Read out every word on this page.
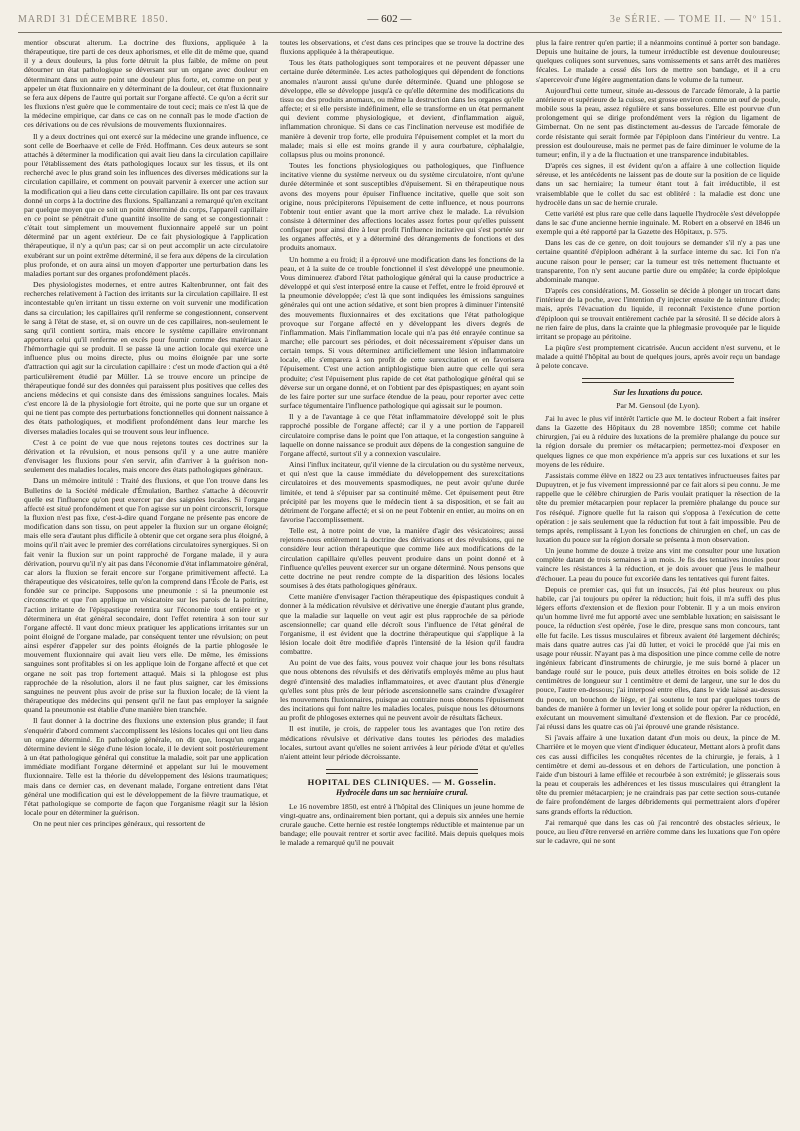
MARDI 31 DÉCEMBRE 1850.	— 602 —	3e SÉRIE. — TOME II. — Nº 151.

mentior obscurat alterum. La doctrine des fluxions, appliquée à la thérapeutique, tire parti de ces deux aphorismes, et elle dit de même que, quand il y a deux douleurs, la plus forte détruit la plus faible, de même on peut détourner un état pathologique se déversant sur un organe avec douleur en déterminant dans un autre point une douleur plus forte, et, comme on peut y appeler un état fluxionnaire en y déterminant de la douleur, cet état fluxionnaire se fera aux dépens de l'autre qui portait sur l'organe affecté. Ce qu'on a écrit sur les fluxions n'est guère que le commentaire de tout ceci; mais ce n'est là que de la médecine empirique, car dans ce cas on ne connaît pas le mode d'action de ces dérivations ou de ces révulsions de mouvements fluxionnaires.

Il y a deux doctrines qui ont exercé sur la médecine une grande influence, ce sont celle de Boerhaave et celle de Fréd. Hoffmann. Ces deux auteurs se sont attachés à déterminer la modification qui avait lieu dans la circulation capillaire pour l'établissement des états pathologiques locaux sur les tissus, et ils ont recherché avec le plus grand soin les influences des diverses médications sur la circulation capillaire, et comment on pouvait parvenir à exercer une action sur la modification qui a lieu dans cette circulation capillaire. Ils ont par ces travaux donné un corps à la doctrine des fluxions. Spallanzani a remarqué qu'en excitant par quelque moyen que ce soit un point déterminé du corps, l'appareil capillaire en ce point se pénétrait d'une quantité insolite de sang et se congestionnait : c'était tout simplement un mouvement fluxionnaire appelé sur un point déterminé par un agent extérieur. De ce fait physiologique à l'application thérapeutique, il n'y a qu'un pas; car si on peut accomplir un acte circulatoire exubérant sur un point extrême déterminé, il se fera aux dépens de la circulation plus profonde, et on aura ainsi un moyen d'apporter une perturbation dans les maladies portant sur des organes profondément placés.

Des physiologistes modernes, et entre autres Kaltenbrunner, ont fait des recherches relativement à l'action des irritants sur la circulation capillaire. Il est incontestable qu'en irritant un tissu externe on voit survenir une modification dans sa circulation; les capillaires qu'il renferme se congestionnent, conservent le sang à l'état de stase, et, si on ouvre un de ces capillaires, non-seulement le sang qu'il contient sortira, mais encore le système capillaire environnant apportera celui qu'il renferme en excès pour fournir comme des matériaux à l'hémorrhagie qui se produit. Il se passe là une action locale qui exerce une influence plus ou moins directe, plus ou moins éloignée par une sorte d'attraction qui agit sur la circulation capillaire : c'est un mode d'action qui a été particulièrement étudié par Müller. Là se trouve encore un principe de thérapeutique fondé sur des données qui paraissent plus positives que celles des anciens médecins et qui consiste dans des émissions sanguines locales. Mais c'est encore là de la physiologie fort étroite, qui ne porte que sur un organe et qui ne tient pas compte des perturbations fonctionnelles qui donnent naissance à des états pathologiques, et modifient profondément dans leur marche les diverses maladies locales qui se trouvent sous leur influence.

C'est à ce point de vue que nous rejetons toutes ces doctrines sur la dérivation et la révulsion, et nous pensons qu'il y a une autre manière d'envisager les fluxions pour s'en servir, afin d'arriver à la guérison non-seulement des maladies locales, mais encore des états pathologiques généraux.

Dans un mémoire intitulé : Traité des fluxions, et que l'on trouve dans les Bulletins de la Société médicale d'Émulation, Barthez s'attache à découvrir quelle est l'influence qu'on peut exercer par des saignées locales. Si l'organe affecté est situé profondément et que l'on agisse sur un point circonscrit, lorsque la fluxion n'est pas fixe, c'est-à-dire quand l'organe ne présente pas encore de modification dans son tissu, on peut appeler la fluxion sur un organe éloigné; mais elle sera d'autant plus difficile à obtenir que cet organe sera plus éloigné, à moins qu'il n'ait avec le premier des corrélations circulatoires synergiques. Si on fait venir la fluxion sur un point rapproché de l'organe malade, il y aura dérivation, pourvu qu'il n'y ait pas dans l'économie d'état inflammatoire général, car alors la fluxion se ferait encore sur l'organe primitivement affecté. La thérapeutique des vésicatoires, telle qu'on la comprend dans l'École de Paris, est fondée sur ce principe. Supposons une pneumonie : si la pneumonie est circonscrite et que l'on applique un vésicatoire sur les parois de la poitrine, l'action irritante de l'épispastique retentira sur l'économie tout entière et y déterminera un état général secondaire, dont l'effet retentira à son tour sur l'organe affecté. Il vaut donc mieux pratiquer les applications irritantes sur un point éloigné de l'organe malade, par conséquent tenter une révulsion; on peut ainsi espérer d'appeler sur des points éloignés de la partie phlogosée le mouvement fluxionnaire qui avait lieu vers elle. De même, les émissions sanguines sont profitables si on les applique loin de l'organe affecté et que cet organe ne soit pas trop fortement attaqué. Mais si la phlogose est plus rapprochée de la résolution, alors il ne faut plus saigner, car les émissions sanguines ne peuvent plus avoir de prise sur la fluxion locale; de là vient la thérapeutique des médecins qui pensent qu'il ne faut pas employer la saignée quand la pneumonie est établie d'une manière bien tranchée.

Il faut donner à la doctrine des fluxions une extension plus grande; il faut s'enquérir d'abord comment s'accomplissent les lésions locales qui ont lieu dans un organe déterminé. En pathologie générale, on dit que, lorsqu'un organe détermine devient le siège d'une lésion locale, il le devient soit postérieurement à un état pathologique général qui constitue la maladie, soit par une application immédiate modifiant l'organe déterminé et appelant sur lui le mouvement fluxionnaire. Telle est la théorie du développement des lésions traumatiques; mais dans ce dernier cas, en devenant malade, l'organe entretient dans l'état général une modification qui est le développement de la fièvre traumatique, et l'état pathologique se comporte de façon que l'organisme réagit sur la lésion locale pour en déterminer la guérison.

On ne peut nier ces principes généraux, qui ressortent de

toutes les observations, et c'est dans ces principes que se trouve la doctrine des fluxions appliquée à la thérapeutique.

Tous les états pathologiques sont temporaires et ne peuvent dépasser une certaine durée déterminée. Les actes pathologiques qui dépendent de fonctions anomales n'auront aussi qu'une durée déterminée. Quand une phlogose se développe, elle se développe jusqu'à ce qu'elle détermine des modifications du tissu ou des produits anomaux, ou même la destruction dans les organes qu'elle affecte; et si elle persiste indéfiniment, elle se transforme en un état permanent qui devient comme physiologique, et devient, d'inflammation aiguë, inflammation chronique. Si dans ce cas l'inclination nerveuse est modifiée de manière à devenir trop forte, elle produira l'épuisement complet et la mort du malade; mais si elle est moins grande il y aura courbature, céphalalgie, collapsus plus ou moins prononcé.

Toutes les fonctions physiologiques ou pathologiques, que l'influence incitative vienne du système nerveux ou du système circulatoire, n'ont qu'une durée déterminée et sont susceptibles d'épuisement. Si en thérapeutique nous avons des moyens pour épuiser l'influence incitative, quelle que soit son origine, nous précipiterons l'épuisement de cette influence, et nous pourrons l'obtenir tout entier avant que la mort arrive chez le malade. La révulsion consiste à déterminer des affections locales assez fortes pour qu'elles puissent confisquer pour ainsi dire à leur profit l'influence incitative qui s'est portée sur les organes affectés, et y a déterminé des dérangements de fonctions et des produits anomaux.

Un homme a eu froid; il a éprouvé une modification dans les fonctions de la peau, et à la suite de ce trouble fonctionnel il s'est développé une pneumonie. Vous diminuerez d'abord l'état pathologique général qui la cause productrice a développé et qui s'est interposé entre la cause et l'effet, entre le froid éprouvé et la pneumonie développée; c'est là que sont indiquées les émissions sanguines générales qui ont une action sédative, et sont bien propres à diminuer l'intensité des mouvements fluxionnaires et des excitations que l'état pathologique provoque sur l'organe affecté en y développant les divers degrés de l'inflammation. Mais l'inflammation locale qui n'a pas été enrayée continue sa marche; elle parcourt ses périodes, et doit nécessairement s'épuiser dans un certain temps. Si vous déterminez artificiellement une lésion inflammatoire locale, elle s'emparera à son profit de cette surexcitation et en favorisera l'épuisement. C'est une action antiphlogistique bien autre que celle qui sera produite; c'est l'épuisement plus rapide de cet état pathologique général qui se déverse sur un organe donné, et on l'obtient par des épispastiques; en ayant soin de les faire porter sur une surface étendue de la peau, pour reporter avec cette surface tégumentaire l'influence pathologique qui agissait sur le poumon.

Il y a de l'avantage à ce que l'état inflammatoire développé soit le plus rapproché possible de l'organe affecté; car il y a une portion de l'appareil circulatoire comprise dans le point que l'on attaque, et la congestion sanguine à laquelle on donne naissance se produit aux dépens de la congestion sanguine de l'organe affecté, surtout s'il y a connexion vasculaire.

Ainsi l'influx incitateur, qu'il vienne de la circulation ou du système nerveux, et qui n'est que la cause immédiate du développement des surexcitations circulatoires et des mouvements spasmodiques, ne peut avoir qu'une durée limitée, et tend à s'épuiser par sa continuité même. Cet épuisement peut être précipité par les moyens que le médecin tient à sa disposition, et se fait au détriment de l'organe affecté; et si on ne peut l'obtenir en entier, au moins on en favorise l'accomplissement.

Telle est, à notre point de vue, la manière d'agir des vésicatoires; aussi rejetons-nous entièrement la doctrine des dérivations et des révulsions, qui ne considère leur action thérapeutique que comme liée aux modifications de la circulation capillaire qu'elles peuvent produire dans un point donné et à l'influence qu'elles peuvent exercer sur un organe déterminé. Nous pensons que cette doctrine ne peut rendre compte de la disparition des lésions locales soumises à des états pathologiques généraux.

Cette manière d'envisager l'action thérapeutique des épispastiques conduit à donner à la médication révulsive et dérivative une énergie d'autant plus grande, que la maladie sur laquelle on veut agir est plus rapprochée de sa période ascensionnelle; car quand elle décroît sous l'influence de l'état général de l'organisme, il est évident que la doctrine thérapeutique qui s'applique à la lésion locale doit être modifiée d'après l'intensité de la lésion qu'il faudra combattre.

Au point de vue des faits, vous pouvez voir chaque jour les bons résultats que nous obtenons des révulsifs et des dérivatifs employés même au plus haut degré d'intensité des maladies inflammatoires, et avec d'autant plus d'énergie qu'elles sont plus près de leur période ascensionnelle sans craindre d'exagérer les mouvements fluxionnaires, puisque au contraire nous obtenons l'épuisement des incitations qui font naître les maladies locales, puisque nous les détournons au profit de phlogoses externes qui ne peuvent avoir de résultats fâcheux.

Il est inutile, je crois, de rappeler tous les avantages que l'on retire des médications révulsive et dérivative dans toutes les périodes des maladies locales, surtout avant qu'elles ne soient arrivées à leur période d'état et qu'elles n'aient atteint leur période décroissante.

HOPITAL DES CLINIQUES. — M. Gosselin.
Hydrocèle dans un sac herniaire crural.

Le 16 novembre 1850, est entré à l'hôpital des Cliniques un jeune homme de vingt-quatre ans, ordinairement bien portant, qui a depuis six années une hernie crurale gauche. Cette hernie est restée longtemps réductible et maintenue par un bandage; elle pouvait rentrer et sortir avec facilité. Mais depuis quelques mois le malade a remarqué qu'il ne pouvait

plus la faire rentrer qu'en partie; il a néanmoins continué à porter son bandage. Depuis une huitaine de jours, la tumeur irréductible est devenue douloureuse; quelques coliques sont survenues, sans vomissements et sans arrêt des matières fécales. Le malade a cessé dès lors de mettre son bandage, et il a cru s'apercevoir d'une légère augmentation dans le volume de la tumeur.

Aujourd'hui cette tumeur, située au-dessous de l'arcade fémorale, à la partie antérieure et supérieure de la cuisse, est grosse environ comme un œuf de poule, mobile sous la peau, assez régulière et sans bosselures. Elle est pourvue d'un prolongement qui se dirige profondément vers la région du ligament de Gimbernat. On ne sent pas distinctement au-dessus de l'arcade fémorale de corde résistante qui serait formée par l'épiploon dans l'intérieur du ventre. La pression est douloureuse, mais ne permet pas de faire diminuer le volume de la tumeur; enfin, il y a de la fluctuation et une transparence indubitables.

D'après ces signes, il est évident qu'on a affaire à une collection liquide séreuse, et les antécédents ne laissent pas de doute sur la position de ce liquide dans un sac herniaire; la tumeur étant tout à fait irréductible, il est vraisemblable que le collet du sac est oblitéré : la maladie est donc une hydrocèle dans un sac de hernie crurale.

Cette variété est plus rare que celle dans laquelle l'hydrocèle s'est développée dans le sac d'une ancienne hernie inguinale. M. Robert en a observé en 1846 un exemple qui a été rapporté par la Gazette des Hôpitaux, p. 575.

Dans les cas de ce genre, on doit toujours se demander s'il n'y a pas une certaine quantité d'épiploon adhérant à la surface interne du sac. Ici l'on n'a aucune raison pour le penser; car la tumeur est très nettement fluctuante et transparente, l'on n'y sent aucune partie dure ou empâtée; la corde épiploïque abdominale manque.

D'après ces considérations, M. Gosselin se décide à plonger un trocart dans l'intérieur de la poche, avec l'intention d'y injecter ensuite de la teinture d'iode; mais, après l'évacuation du liquide, il reconnaît l'existence d'une portion d'épiploon qui se trouvait entièrement cachée par la sérosité. Il se décide alors à ne rien faire de plus, dans la crainte que la phlegmasie provoquée par le liquide irritant se propage au péritoine.

La piqûre s'est promptement cicatrisée. Aucun accident n'est survenu, et le malade a quitté l'hôpital au bout de quelques jours, après avoir reçu un bandage à pelote concave.

Sur les luxations du pouce.
Par M. Gensoul (de Lyon).

J'ai lu avec le plus vif intérêt l'article que M. le docteur Robert a fait insérer dans la Gazette des Hôpitaux du 28 novembre 1850; comme cet habile chirurgien, j'ai eu à réduire des luxations de la première phalange du pouce sur la région dorsale du premier os métacarpien; permettez-moi d'exposer en quelques lignes ce que mon expérience m'a appris sur ces luxations et sur les moyens de les réduire.

J'assistais comme élève en 1822 ou 23 aux tentatives infructueuses faites par Dupuytren, et je fus vivement impressionné par ce fait alors si peu connu. Je me rappelle que le célèbre chirurgien de Paris voulait pratiquer la résection de la tête du premier métacarpien pour replacer la première phalange du pouce sur l'os réséqué. J'ignore quelle fut la raison qui s'opposa à l'exécution de cette opération : je sais seulement que la réduction fut tout à fait impossible. Peu de temps après, remplissant à Lyon les fonctions de chirurgien en chef, un cas de luxation du pouce sur la région dorsale se présenta à mon observation.

Un jeune homme de douze à treize ans vint me consulter pour une luxation complète datant de trois semaines à un mois. Je fis des tentatives inouïes pour vaincre les résistances à la réduction, et je dois avouer que j'eus le malheur d'échouer. La peau du pouce fut excoriée dans les tentatives qui furent faites.

Depuis ce premier cas, qui fut un insuccès, j'ai été plus heureux ou plus habile, car j'ai toujours pu opérer la réduction; huit fois, il m'a suffi des plus légers efforts d'extension et de flexion pour l'obtenir. Il y a un mois environ qu'un homme livré me fut apporté avec une semblable luxation; en saisissant le pouce, la réduction s'est opérée, j'ose le dire, presque sans mon concours, tant elle fut facile. Les tissus musculaires et fibreux avaient été largement déchirés; mais dans quatre autres cas j'ai dû lutter, et voici le procédé que j'ai mis en usage pour réussir. N'ayant pas à ma disposition une pince comme celle de notre ingénieux fabricant d'instruments de chirurgie, je me suis borné à placer un bandage roulé sur le pouce, puis deux attelles étroites en bois solide de 12 centimètres de longueur sur 1 centimètre et demi de largeur, une sur le dos du pouce, l'autre en-dessous; j'ai interposé entre elles, dans le vide laissé au-dessus du pouce, un bouchon de liège, et j'ai soutenu le tout par quelques tours de bandes de manière à former un levier long et solide pour opérer la réduction, en exécutant un mouvement simultané d'extension et de flexion. Par ce procédé, j'ai réussi dans les quatre cas où j'ai éprouvé une grande résistance.

Si j'avais affaire à une luxation datant d'un mois ou deux, la pince de M. Charrière et le moyen que vient d'indiquer éducateur, Mettant alors à profit dans ces cas aussi difficiles les conquêtes récentes de la chirurgie, je ferais, à 1 centimètre et demi au-dessous et en dehors de l'articulation, une ponction à l'aide d'un bistouri à lame effilée et recourbée à son extrémité; je glisserais sous la peau et couperais les adhérences et les tissus musculaires qui étranglent la tête du premier métacarpien; je ne craindrais pas par cette section sous-cutanée de faire profondément de larges débridements qui permettraient alors d'opérer sans grands efforts la réduction.

J'ai remarqué que dans les cas où j'ai rencontré des obstacles sérieux, le pouce, au lieu d'être renversé en arrière comme dans les luxations que l'on opère sur le cadavre, qui ne sont
